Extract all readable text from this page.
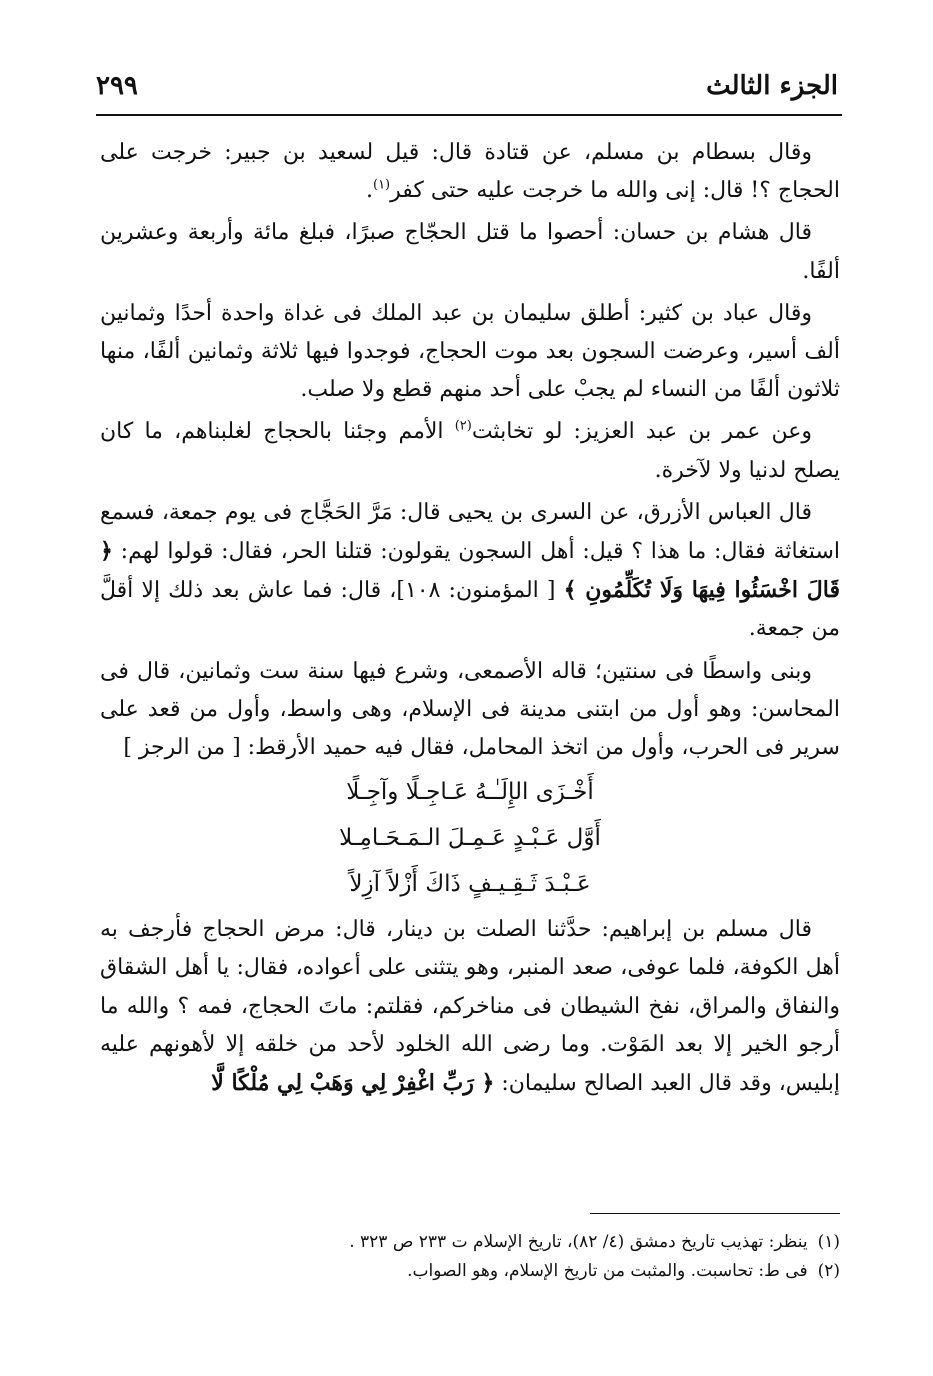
الجزء الثالث
٢٩٩

وقال بسطام بن مسلم، عن قتادة قال: قيل لسعيد بن جبير: خرجت على الحجاج ؟! قال: إنى والله ما خرجت عليه حتى كفر$^{(١)}$.

قال هشام بن حسان: أحصوا ما قتل الحجّاج صبرًا، فبلغ مائة وأربعة وعشرين ألفًا.

وقال عباد بن كثير: أطلق سليمان بن عبد الملك فى غداة واحدة أحدًا وثمانين ألف أسير، وعرضت السجون بعد موت الحجاج، فوجدوا فيها ثلاثة وثمانين ألفًا، منها ثلاثون ألفًا من النساء لم يجبْ على أحد منهم قطع ولا صلب.

وعن عمر بن عبد العزيز: لو تخابثت$^{(٢)}$ الأمم وجئنا بالحجاج لغلبناهم، ما كان يصلح لدنيا ولا لآخرة.

قال العباس الأزرق، عن السرى بن يحيى قال: مَرَّ الحَجَّاج فى يوم جمعة، فسمع استغاثة فقال: ما هذا ؟ قيل: أهل السجون يقولون: قتلنا الحر، فقال: قولوا لهم: ﴿ قَالَ اخْسَئُوا فِيهَا وَلَا تُكَلِّمُونِ ﴾ [ المؤمنون: ١٠٨]، قال: فما عاش بعد ذلك إلا أقلَّ من جمعة.

وبنى واسطًا فى سنتين؛ قاله الأصمعى، وشرع فيها سنة ست وثمانين، قال فى المحاسن: وهو أول من ابتنى مدينة فى الإسلام، وهى واسط، وأول من قعد على سرير فى الحرب، وأول من اتخذ المحامل، فقال فيه حميد الأرقط: [ من الرجز ]

أَخْـزَى الإِلَـٰـهُ عَـاجِـلًا وآجِـلًا
أَوَّل عَـبْـدٍ عَـمِـلَ الـمَـحَـامِـلا
عَـبْـدَ ثَـقِـيـفٍ ذَاكَ أَزْلاً آزِلاً

قال مسلم بن إبراهيم: حدَّثنا الصلت بن دينار، قال: مرض الحجاج فأرجف به أهل الكوفة، فلما عوفى، صعد المنبر، وهو يتثنى على أعواده، فقال: يا أهل الشقاق والنفاق والمراق، نفخ الشيطان فى مناخركم، فقلتم: ماتَ الحجاج، فمه ؟ والله ما أرجو الخير إلا بعد المَوْت. وما رضى الله الخلود لأحد من خلقه إلا لأهونهم عليه إبليس، وقد قال العبد الصالح سليمان: ﴿ رَبِّ اغْفِرْ لِي وَهَبْ لِي مُلْكًا لَّا

(١)ينظر: تهذيب تاريخ دمشق (٤/ ٨٢)، تاريخ الإسلام ت ٢٣٣ ص ٣٢٣ .

(٢)فى ط: تحاسبت. والمثبت من تاريخ الإسلام، وهو الصواب.
